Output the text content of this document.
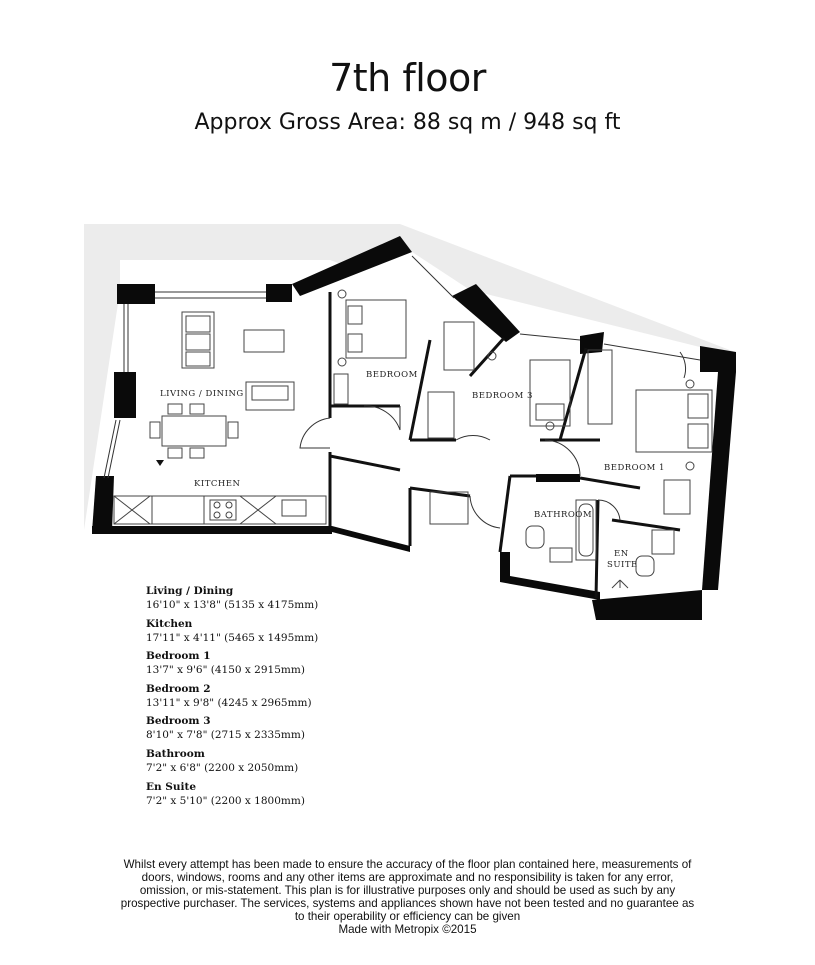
7th floor
Approx Gross Area: 88 sq m / 948 sq ft
LIVING / DINING
KITCHEN
BEDROOM
BEDROOM 3
BEDROOM 1
BATHROOM
EN
SUITE
Living / Dining
16'10" x 13'8" (5135 x 4175mm)
Kitchen
17'11" x 4'11" (5465 x 1495mm)
Bedroom 1
13'7" x 9'6" (4150 x 2915mm)
Bedroom 2
13'11" x 9'8" (4245 x 2965mm)
Bedroom 3
8'10" x 7'8" (2715 x 2335mm)
Bathroom
7'2" x 6'8" (2200 x 2050mm)
En Suite
7'2" x 5'10" (2200 x 1800mm)
Whilst every attempt has been made to ensure the accuracy of the floor plan contained here, measurements of doors, windows, rooms and any other items are approximate and no responsibility is taken for any error, omission, or mis-statement. This plan is for illustrative purposes only and should be used as such by any prospective purchaser. The services, systems and appliances shown have not been tested and no guarantee as to their operability or efficiency can be given
Made with Metropix ©2015
